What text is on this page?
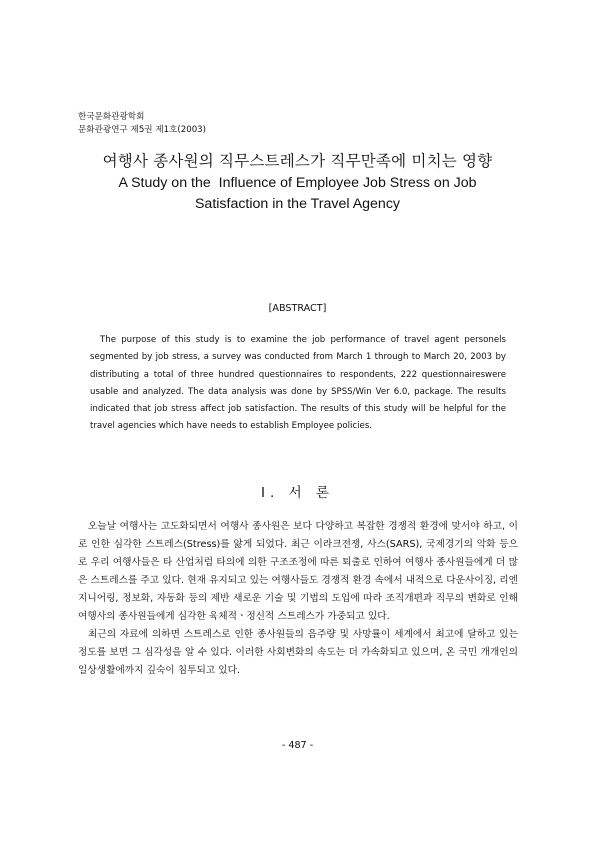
한국문화관광학회
문화관광연구 제5권 제1호(2003)
여행사 종사원의 직무스트레스가 직무만족에 미치는 영향
A Study on the  Influence of Employee Job Stress on Job
Satisfaction in the Travel Agency
[ABSTRACT]
The purpose of this study is to examine the job performance of travel agent personels segmented by job stress, a survey was conducted from March 1 through to March 20, 2003 by distributing a total of three hundred questionnaires to respondents, 222 questionnaireswere usable and analyzed. The data analysis was done by SPSS/Win Ver 6.0, package. The results indicated that job stress affect job satisfaction. The results of this study will be helpful for the travel agencies which have needs to establish Employee policies.
Ⅰ. 서 론

오늘날 여행사는 고도화되면서 여행사 종사원은 보다 다양하고 복잡한 경쟁적 환경에 맞서야 하고, 이로 인한 심각한 스트레스(Stress)를 앓게 되었다. 최근 이라크전쟁, 사스(SARS), 국제경기의 악화 등으로 우리 여행사들은 타 산업처럼 타의에 의한 구조조정에 따른 퇴출로 인하여 여행사 종사원들에게 더 많은 스트레스를 주고 있다. 현재 유지되고 있는 여행사들도 경쟁적 환경 속에서 내적으로 다운사이징, 리엔지니어링, 정보화, 자동화 등의 제반 새로운 기술 및 기법의 도입에 따라 조직개편과 직무의 변화로 인해 여행사의 종사원들에게 심각한 육체적ㆍ정신적 스트레스가 가중되고 있다.

최근의 자료에 의하면 스트레스로 인한 종사원들의 음주량 및 사망률이 세계에서 최고에 달하고 있는 정도를 보면 그 심각성을 알 수 있다. 이러한 사회변화의 속도는 더 가속화되고 있으며, 온 국민 개개인의 일상생활에까지 깊숙이 침투되고 있다.

- 487 -
